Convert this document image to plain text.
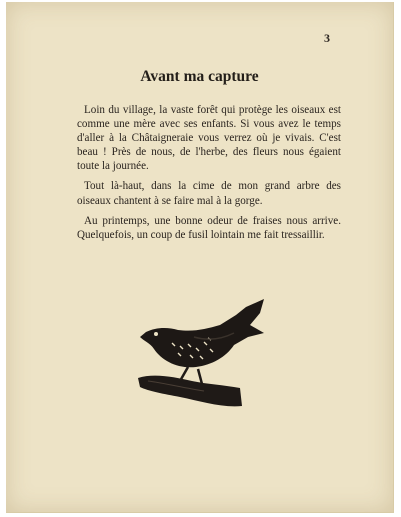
3
Avant ma capture

Loin du village, la vaste forêt qui protège les oiseaux est comme une mère avec ses enfants. Si vous avez le temps d'aller à la Châtaigneraie vous verrez où je vivais. C'est beau ! Près de nous, de l'herbe, des fleurs nous égaient toute la journée.

Tout là-haut, dans la cime de mon grand arbre des oiseaux chantent à se faire mal à la gorge.

Au printemps, une bonne odeur de fraises nous arrive. Quelquefois, un coup de fusil lointain me fait tressaillir.
